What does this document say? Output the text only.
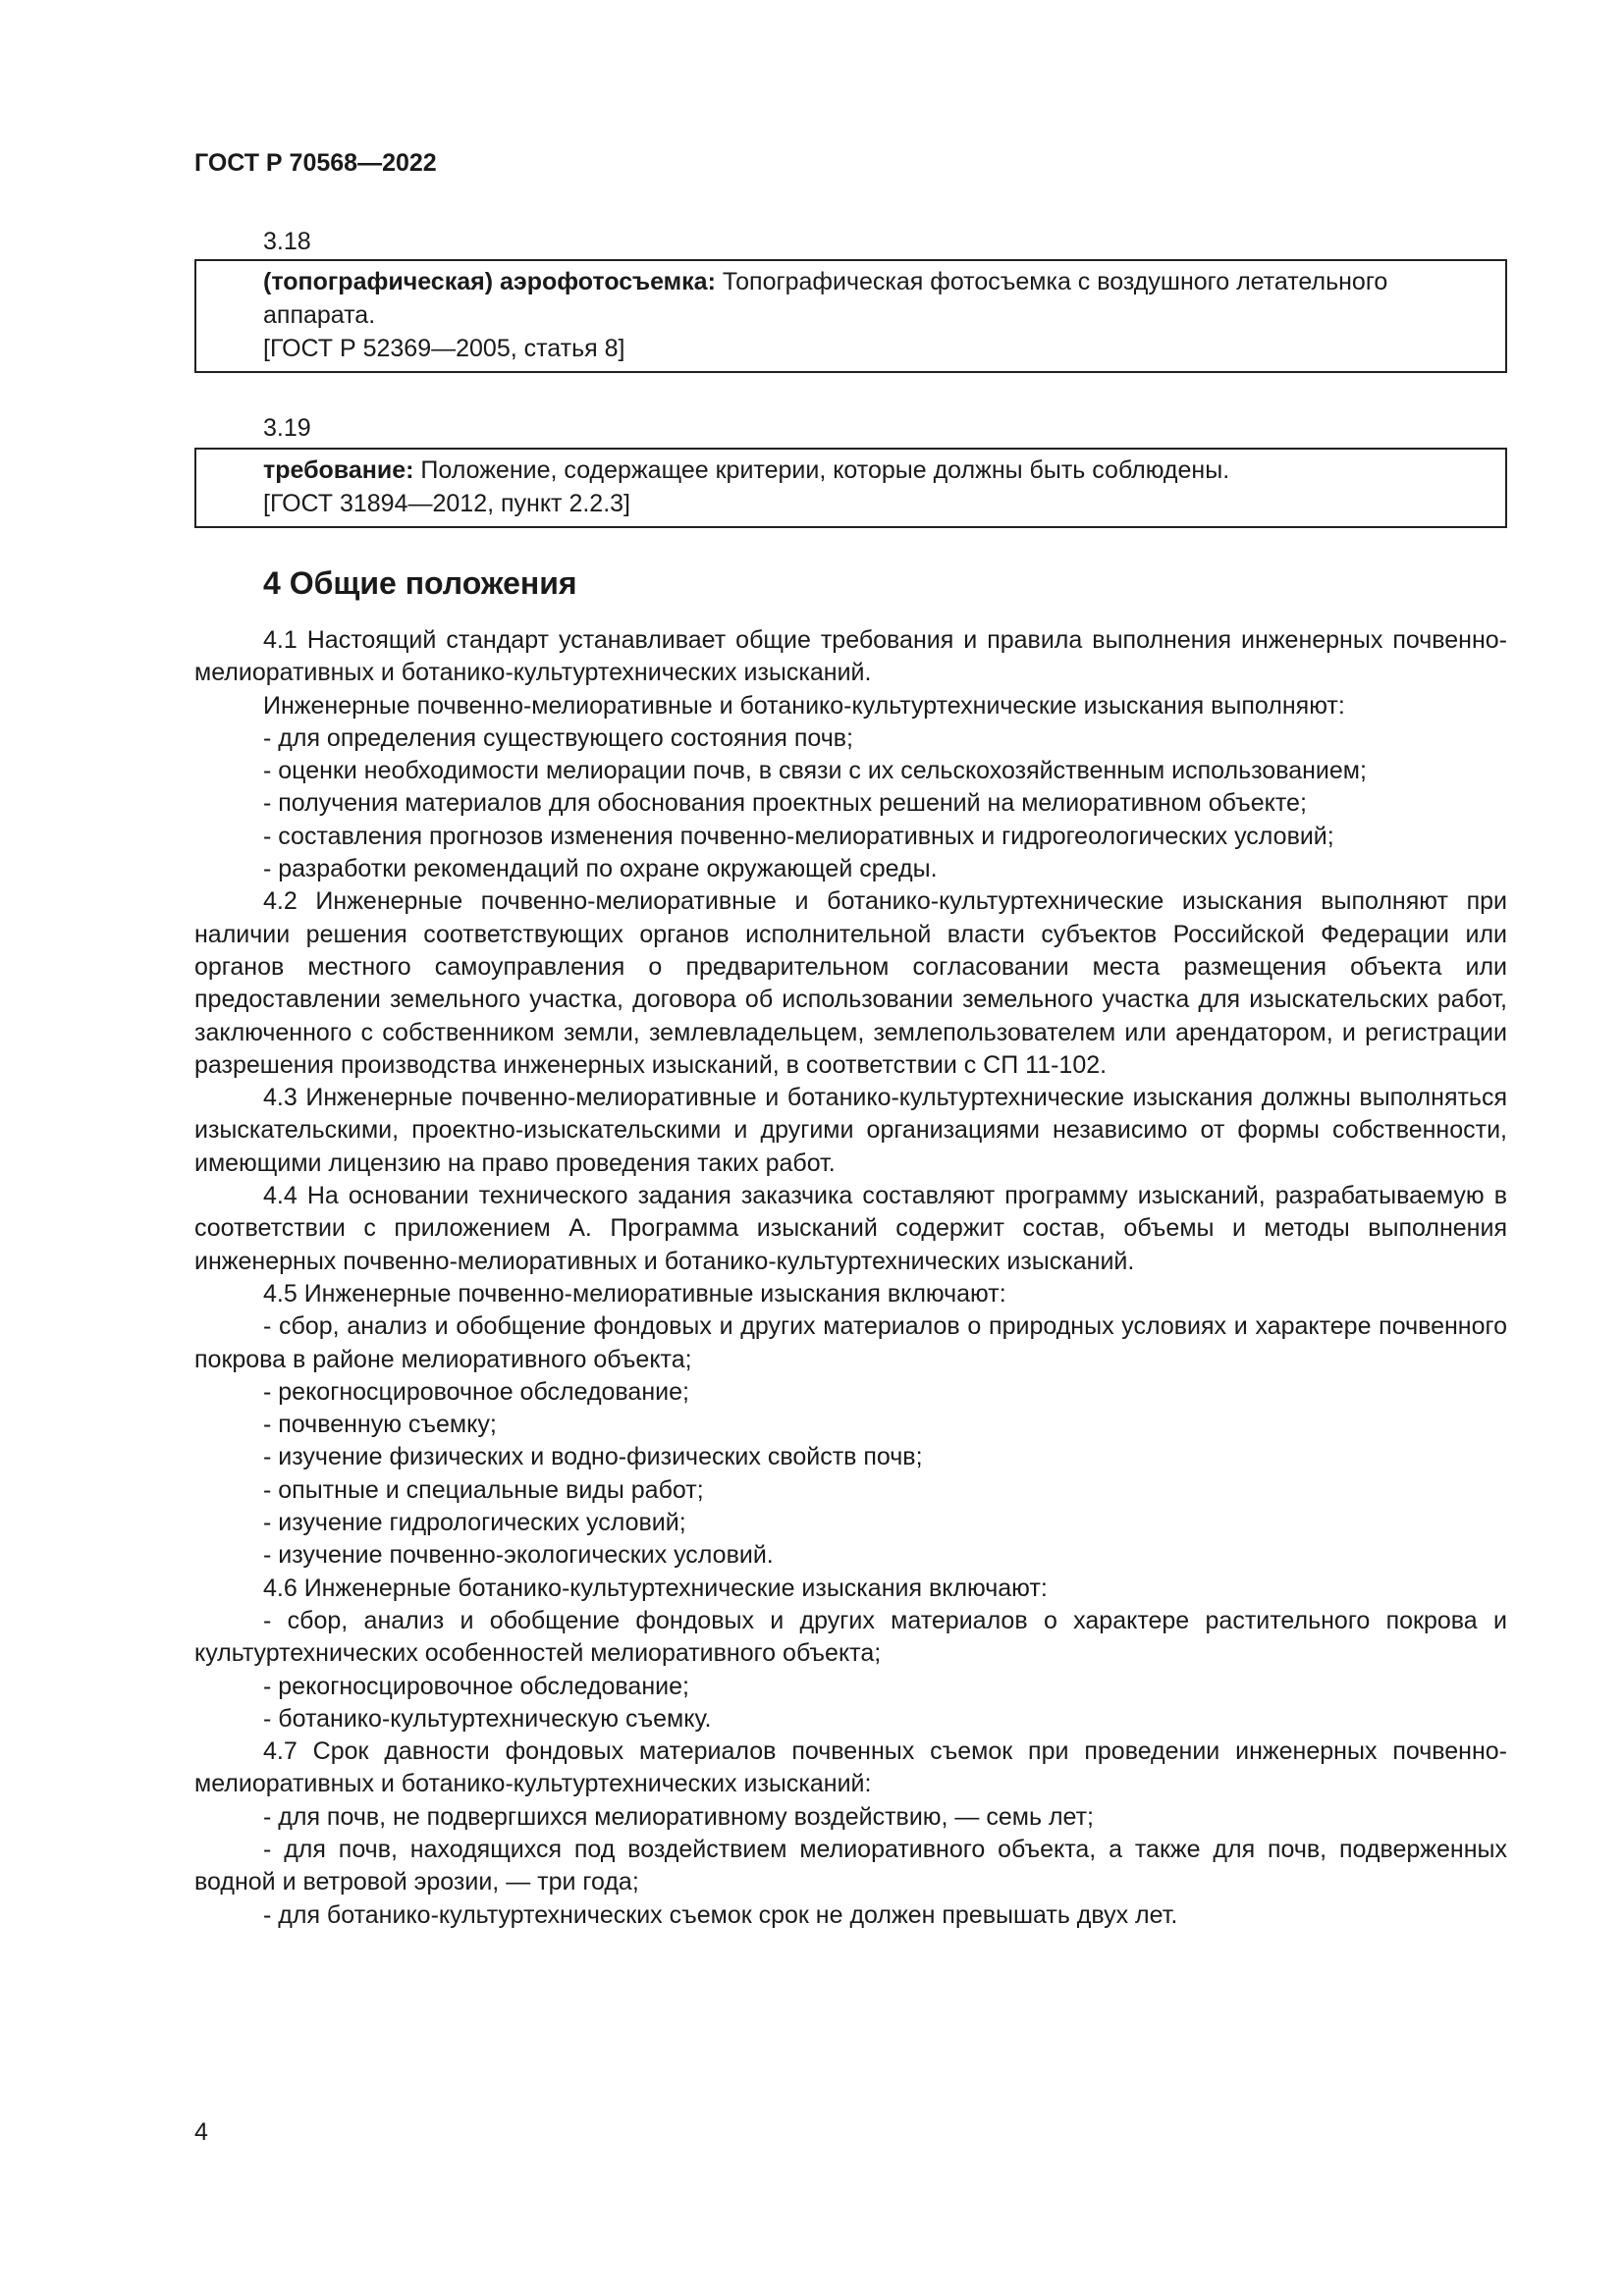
ГОСТ Р 70568—2022
3.18
(топографическая) аэрофотосъемка: Топографическая фотосъемка с воздушного летательного аппарата.
[ГОСТ Р 52369—2005, статья 8]
3.19
требование: Положение, содержащее критерии, которые должны быть соблюдены.
[ГОСТ 31894—2012, пункт 2.2.3]
4 Общие положения

4.1 Настоящий стандарт устанавливает общие требования и правила выполнения инженерных почвенно-мелиоративных и ботанико-культуртехнических изысканий.

Инженерные почвенно-мелиоративные и ботанико-культуртехнические изыскания выполняют:

- для определения существующего состояния почв;

- оценки необходимости мелиорации почв, в связи с их сельскохозяйственным использованием;

- получения материалов для обоснования проектных решений на мелиоративном объекте;

- составления прогнозов изменения почвенно-мелиоративных и гидрогеологических условий;

- разработки рекомендаций по охране окружающей среды.

4.2 Инженерные почвенно-мелиоративные и ботанико-культуртехнические изыскания выполняют при наличии решения соответствующих органов исполнительной власти субъектов Российской Федерации или органов местного самоуправления о предварительном согласовании места размещения объекта или предоставлении земельного участка, договора об использовании земельного участка для изыскательских работ, заключенного с собственником земли, землевладельцем, землепользователем или арендатором, и регистрации разрешения производства инженерных изысканий, в соответствии с СП 11-102.

4.3 Инженерные почвенно-мелиоративные и ботанико-культуртехнические изыскания должны выполняться изыскательскими, проектно-изыскательскими и другими организациями независимо от формы собственности, имеющими лицензию на право проведения таких работ.

4.4 На основании технического задания заказчика составляют программу изысканий, разрабатываемую в соответствии с приложением А. Программа изысканий содержит состав, объемы и методы выполнения инженерных почвенно-мелиоративных и ботанико-культуртехнических изысканий.

4.5 Инженерные почвенно-мелиоративные изыскания включают:

- сбор, анализ и обобщение фондовых и других материалов о природных условиях и характере почвенного покрова в районе мелиоративного объекта;

- рекогносцировочное обследование;

- почвенную съемку;

- изучение физических и водно-физических свойств почв;

- опытные и специальные виды работ;

- изучение гидрологических условий;

- изучение почвенно-экологических условий.

4.6 Инженерные ботанико-культуртехнические изыскания включают:

- сбор, анализ и обобщение фондовых и других материалов о характере растительного покрова и культуртехнических особенностей мелиоративного объекта;

- рекогносцировочное обследование;

- ботанико-культуртехническую съемку.

4.7 Срок давности фондовых материалов почвенных съемок при проведении инженерных почвенно-мелиоративных и ботанико-культуртехнических изысканий:

- для почв, не подвергшихся мелиоративному воздействию, — семь лет;

- для почв, находящихся под воздействием мелиоративного объекта, а также для почв, подверженных водной и ветровой эрозии, — три года;

- для ботанико-культуртехнических съемок срок не должен превышать двух лет.

4
